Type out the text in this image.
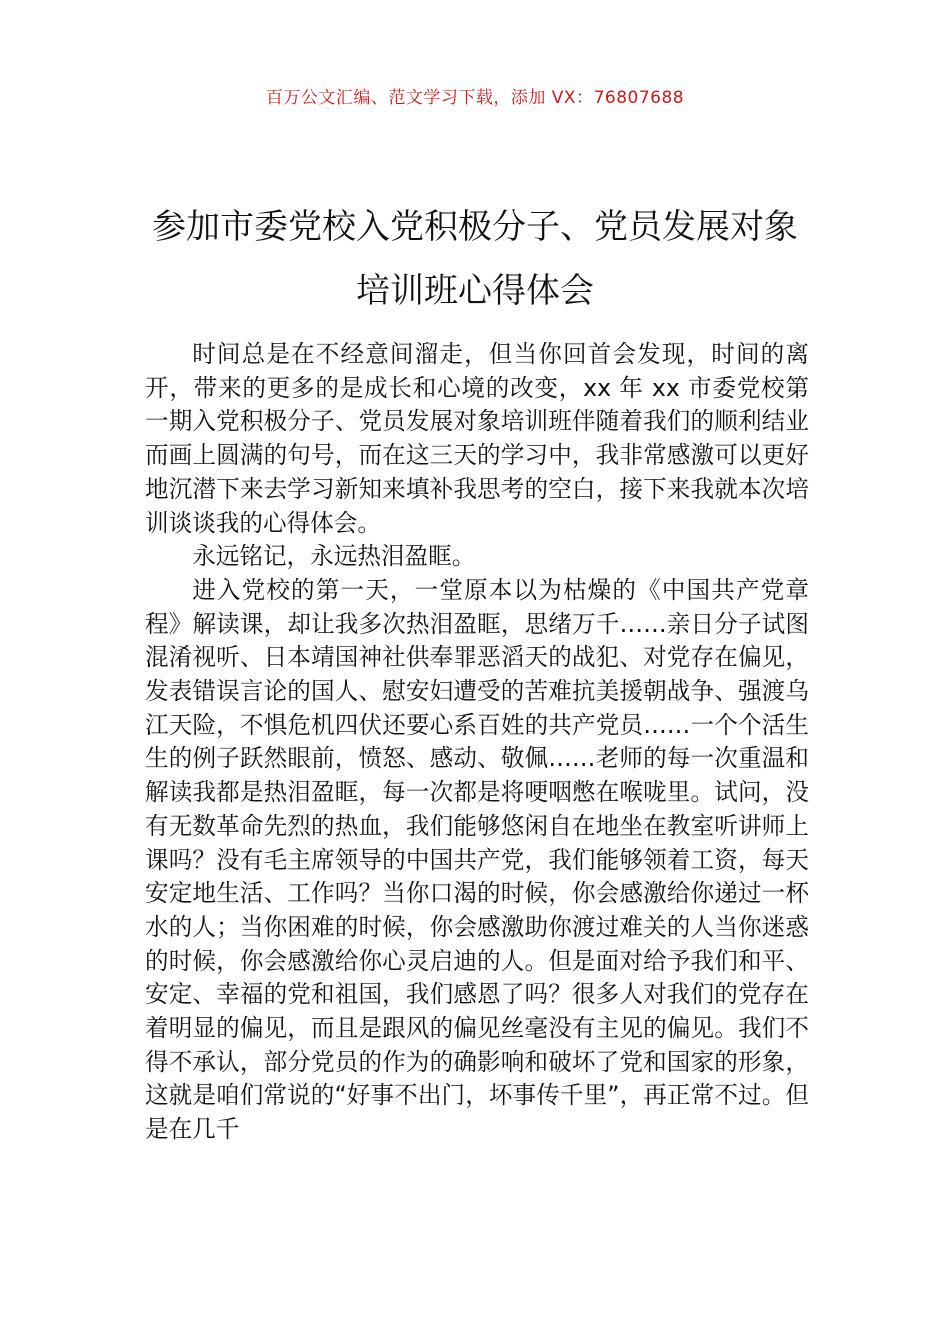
百万公文汇编、范文学习下载，添加 VX：76807688
参加市委党校入党积极分子、党员发展对象培训班心得体会

时间总是在不经意间溜走，但当你回首会发现，时间的离开，带来的更多的是成长和心境的改变，xx 年 xx 市委党校第一期入党积极分子、党员发展对象培训班伴随着我们的顺利结业而画上圆满的句号，而在这三天的学习中，我非常感激可以更好地沉潜下来去学习新知来填补我思考的空白，接下来我就本次培训谈谈我的心得体会。

永远铭记，永远热泪盈眶。

进入党校的第一天，一堂原本以为枯燥的《中国共产党章程》解读课，却让我多次热泪盈眶，思绪万千……亲日分子试图混淆视听、日本靖国神社供奉罪恶滔天的战犯、对党存在偏见，发表错误言论的国人、慰安妇遭受的苦难抗美援朝战争、强渡乌江天险，不惧危机四伏还要心系百姓的共产党员……一个个活生生的例子跃然眼前，愤怒、感动、敬佩……老师的每一次重温和解读我都是热泪盈眶，每一次都是将哽咽憋在喉咙里。试问，没有无数革命先烈的热血，我们能够悠闲自在地坐在教室听讲师上课吗？没有毛主席领导的中国共产党，我们能够领着工资，每天安定地生活、工作吗？当你口渴的时候，你会感激给你递过一杯水的人；当你困难的时候，你会感激助你渡过难关的人当你迷惑的时候，你会感激给你心灵启迪的人。但是面对给予我们和平、安定、幸福的党和祖国，我们感恩了吗？很多人对我们的党存在着明显的偏见，而且是跟风的偏见丝毫没有主见的偏见。我们不得不承认，部分党员的作为的确影响和破坏了党和国家的形象，这就是咱们常说的“好事不出门，坏事传千里”，再正常不过。但是在几千
